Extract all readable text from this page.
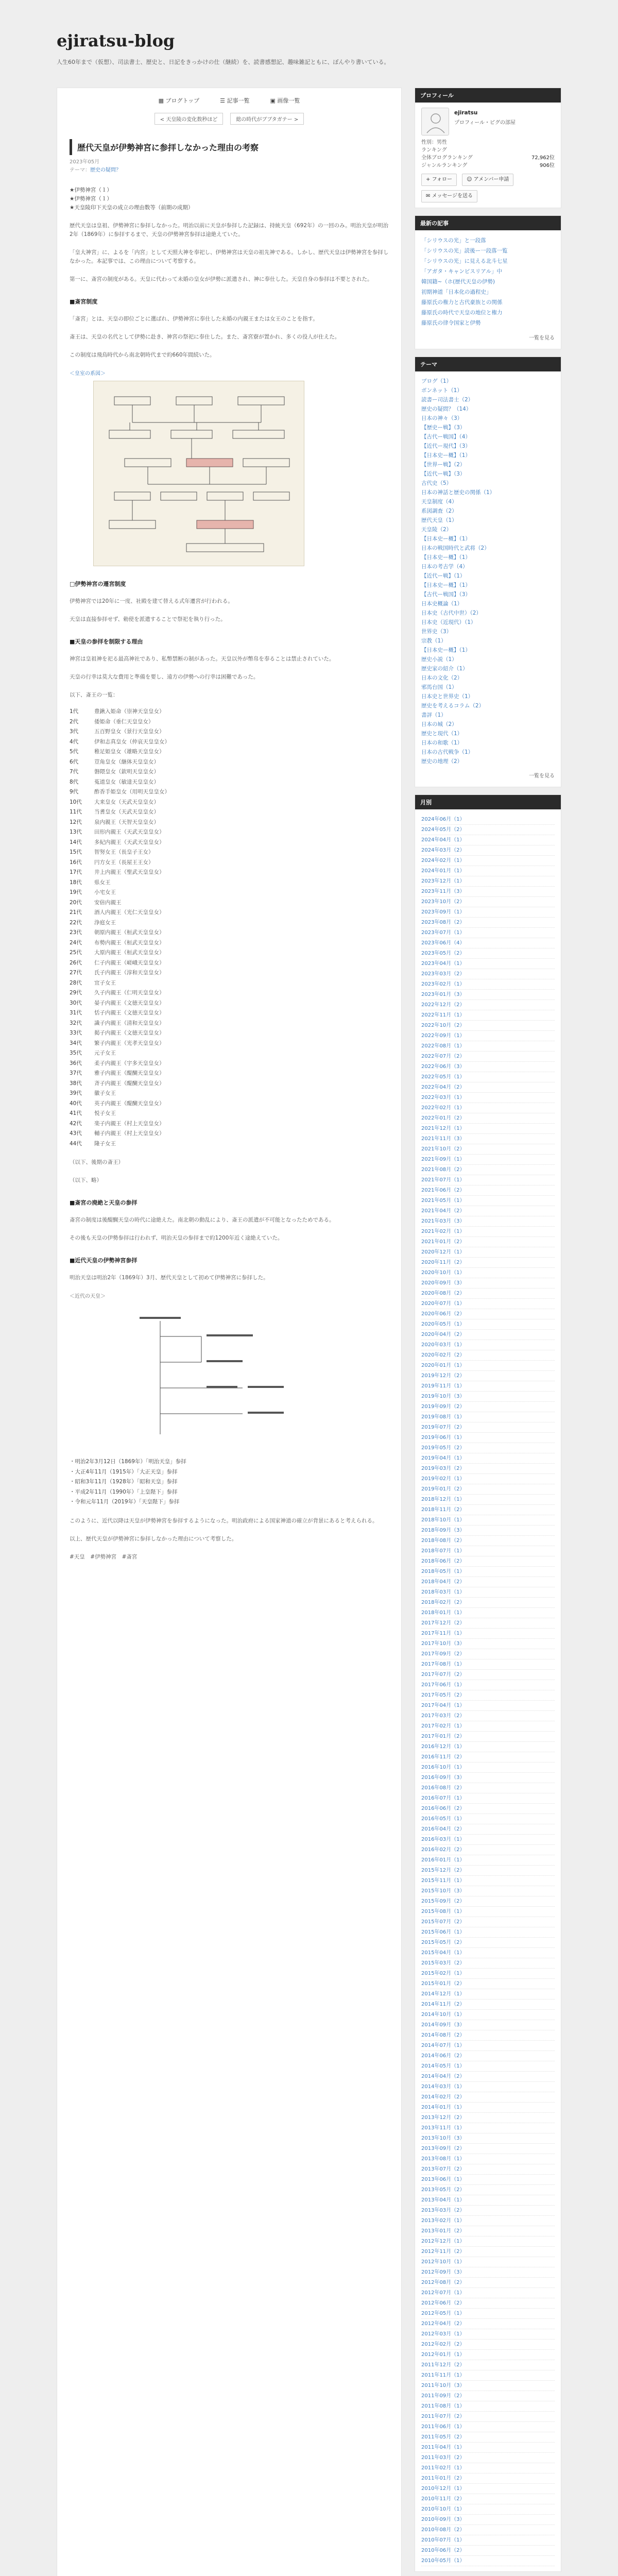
ejiratsu-blog
人生60年まで（仮想）、司法書士、歴史と、日記をきっかけの仕（継続）を、読書感想記、趣味雑記ともに、ぼんやり書いている。
▦ ブログトップ	☰ 記事一覧	▣ 画像一覧
< 天皇陵の変化数秒ほど	総の時代がブブタガテー >
歴代天皇が伊勢神宮に参拝しなかった理由の考察
2023年05月
テーマ：歴史の疑問？
★伊勢神宮（１）
★伊勢神宮（１）
★天皇陵印下天皇の成立の理由数等（前期の成期）
歴代天皇は皇祖、伊勢神宮に参拝しなかった。明治以前に天皇が参拝した記録は、持統天皇（692年）の一回のみ。明治天皇が明治2年（1869年）に参拝するまで、天皇の伊勢神宮参拝は途絶えていた。
「皇大神宮」に、よるを「内宮」として天照大神を奉祀し、伊勢神宮は天皇の祖先神である。しかし、歴代天皇は伊勢神宮を参拝しなかった。本記事では、この理由について考察する。
第一に、斎宮の制度がある。天皇に代わって未婚の皇女が伊勢に派遣され、神に奉仕した。天皇自身の参拝は不要とされた。
■斎宮制度
「斎宮」とは、天皇の即位ごとに選ばれ、伊勢神宮に奉仕した未婚の内親王または女王のことを指す。
斎王は、天皇の名代として伊勢に赴き、神宮の祭祀に奉仕した。また、斎宮寮が置かれ、多くの役人が仕えた。
この制度は飛鳥時代から南北朝時代まで約660年間続いた。
＜皇室の系図＞
□伊勢神宮の遷宮制度
伊勢神宮では20年に一度、社殿を建て替える式年遷宮が行われる。
天皇は直接参拝せず、勅使を派遣することで祭祀を執り行った。
■天皇の参拝を制限する理由
神宮は皇祖神を祀る最高神社であり、私幣禁断の制があった。天皇以外が幣帛を奉ることは禁止されていた。
天皇の行幸は莫大な費用と準備を要し、遠方の伊勢への行幸は困難であった。
以下、斎王の一覧：
1代	豊鍬入姫命（崇神天皇皇女）
2代	倭姫命（垂仁天皇皇女）
3代	五百野皇女（景行天皇皇女）
4代	伊和志真皇女（仲哀天皇皇女）
5代	稚足姫皇女（雄略天皇皇女）
6代	荳角皇女（継体天皇皇女）
7代	磐隈皇女（欽明天皇皇女）
8代	菟道皇女（敏達天皇皇女）
9代	酢香手姫皇女（用明天皇皇女）
10代	大来皇女（天武天皇皇女）
11代	当耆皇女（天武天皇皇女）
12代	泉内親王（天智天皇皇女）
13代	田形内親王（天武天皇皇女）
14代	多紀内親王（天武天皇皇女）
15代	智努女王（長皇子王女）
16代	円方女王（長屋王王女）
17代	井上内親王（聖武天皇皇女）
18代	県女王
19代	小宅女王
20代	安倍内親王
21代	酒人内親王（光仁天皇皇女）
22代	浄庭女王
23代	朝原内親王（桓武天皇皇女）
24代	布勢内親王（桓武天皇皇女）
25代	大原内親王（桓武天皇皇女）
26代	仁子内親王（嵯峨天皇皇女）
27代	氏子内親王（淳和天皇皇女）
28代	宜子女王
29代	久子内親王（仁明天皇皇女）
30代	晏子内親王（文徳天皇皇女）
31代	恬子内親王（文徳天皇皇女）
32代	識子内親王（清和天皇皇女）
33代	掲子内親王（文徳天皇皇女）
34代	繁子内親王（光孝天皇皇女）
35代	元子女王
36代	柔子内親王（宇多天皇皇女）
37代	雅子内親王（醍醐天皇皇女）
38代	斉子内親王（醍醐天皇皇女）
39代	徽子女王
40代	英子内親王（醍醐天皇皇女）
41代	悦子女王
42代	楽子内親王（村上天皇皇女）
43代	輔子内親王（村上天皇皇女）
44代	隆子女王
（以下、後期の斎王）
（以下、略）
■斎宮の廃絶と天皇の参拝
斎宮の制度は後醍醐天皇の時代に途絶えた。南北朝の動乱により、斎王の派遣が不可能となったためである。
その後も天皇の伊勢参拝は行われず、明治天皇の参拝まで約1200年近く途絶えていた。
■近代天皇の伊勢神宮参拝
明治天皇は明治2年（1869年）3月、歴代天皇として初めて伊勢神宮に参拝した。
＜近代の天皇＞
・明治2年3月12日（1869年）「明治天皇」参拝
・大正4年11月（1915年）「大正天皇」参拝
・昭和3年11月（1928年）「昭和天皇」参拝
・平成2年11月（1990年）「上皇陛下」参拝
・令和元年11月（2019年）「天皇陛下」参拝
このように、近代以降は天皇が伊勢神宮を参拝するようになった。明治政府による国家神道の確立が背景にあると考えられる。
以上、歴代天皇が伊勢神宮に参拝しなかった理由について考察した。
#天皇　#伊勢神宮　#斎宮
プロフィール
ejiratsu
プロフィール・ピグの部屋
性別：男性
ランキング
全体ブログランキング	72,962位
ジャンルランキング	906位
+ フォロー	☺ アメンバー申請
✉ メッセージを送る
最新の記事
「シリウスの光」と一段落
「シリウスの光」読後ー一段落一覧
「シリウスの光」に見える北斗七星
「アガタ・キャンビスリアル」中
韓国籍~（ホ(歴代天皇の伊勢)
初期神道「日本化の過程史」
藤原氏の権力と古代豪族との関係
藤原氏の時代で天皇の地位と権力
藤原氏の律令国家と伊勢
一覧を見る
テーマ
ブログ（1）
ボンネット（1）
読書ー司法書士（2）
歴史の疑問？（14）
日本の神々（3）
【歴史ー戦】（3）
【古代ー戦国】（4）
【近代ー現代】（3）
【日本史ー概】（1）
【世界ー戦】（2）
【近代ー戦】（3）
古代史（5）
日本の神話と歴史の関係（1）
天皇制度（4）
系図調査（2）
歴代天皇（1）
天皇陵（2）
【日本史ー概】（1）
日本の戦国時代と武将（2）
【日本史ー概】（1）
日本の考古学（4）
【近代ー戦】（1）
【日本史ー概】（1）
【古代ー戦国】（3）
日本史概論（1）
日本史（古代中世）（2）
日本史（近現代）（1）
世界史（3）
宗教（1）
【日本史ー概】（1）
歴史小説（1）
歴史家の紹介（1）
日本の文化（2）
邪馬台国（1）
日本史と世界史（1）
歴史を考えるコラム（2）
書評（1）
日本の城（2）
歴史と現代（1）
日本の和歌（1）
日本の古代戦争（1）
歴史の地理（2）
一覧を見る
月別
2024年06月（1）
2024年05月（2）
2024年04月（1）
2024年03月（2）
2024年02月（1）
2024年01月（1）
2023年12月（1）
2023年11月（3）
2023年10月（2）
2023年09月（1）
2023年08月（2）
2023年07月（1）
2023年06月（4）
2023年05月（2）
2023年04月（1）
2023年03月（2）
2023年02月（1）
2023年01月（3）
2022年12月（2）
2022年11月（1）
2022年10月（2）
2022年09月（1）
2022年08月（1）
2022年07月（2）
2022年06月（3）
2022年05月（1）
2022年04月（2）
2022年03月（1）
2022年02月（1）
2022年01月（2）
2021年12月（1）
2021年11月（3）
2021年10月（2）
2021年09月（1）
2021年08月（2）
2021年07月（1）
2021年06月（2）
2021年05月（1）
2021年04月（2）
2021年03月（3）
2021年02月（1）
2021年01月（2）
2020年12月（1）
2020年11月（2）
2020年10月（1）
2020年09月（3）
2020年08月（2）
2020年07月（1）
2020年06月（2）
2020年05月（1）
2020年04月（2）
2020年03月（1）
2020年02月（2）
2020年01月（1）
2019年12月（2）
2019年11月（1）
2019年10月（3）
2019年09月（2）
2019年08月（1）
2019年07月（2）
2019年06月（1）
2019年05月（2）
2019年04月（1）
2019年03月（2）
2019年02月（1）
2019年01月（2）
2018年12月（1）
2018年11月（2）
2018年10月（1）
2018年09月（3）
2018年08月（2）
2018年07月（1）
2018年06月（2）
2018年05月（1）
2018年04月（2）
2018年03月（1）
2018年02月（2）
2018年01月（1）
2017年12月（2）
2017年11月（1）
2017年10月（3）
2017年09月（2）
2017年08月（1）
2017年07月（2）
2017年06月（1）
2017年05月（2）
2017年04月（1）
2017年03月（2）
2017年02月（1）
2017年01月（2）
2016年12月（1）
2016年11月（2）
2016年10月（1）
2016年09月（3）
2016年08月（2）
2016年07月（1）
2016年06月（2）
2016年05月（1）
2016年04月（2）
2016年03月（1）
2016年02月（2）
2016年01月（1）
2015年12月（2）
2015年11月（1）
2015年10月（3）
2015年09月（2）
2015年08月（1）
2015年07月（2）
2015年06月（1）
2015年05月（2）
2015年04月（1）
2015年03月（2）
2015年02月（1）
2015年01月（2）
2014年12月（1）
2014年11月（2）
2014年10月（1）
2014年09月（3）
2014年08月（2）
2014年07月（1）
2014年06月（2）
2014年05月（1）
2014年04月（2）
2014年03月（1）
2014年02月（2）
2014年01月（1）
2013年12月（2）
2013年11月（1）
2013年10月（3）
2013年09月（2）
2013年08月（1）
2013年07月（2）
2013年06月（1）
2013年05月（2）
2013年04月（1）
2013年03月（2）
2013年02月（1）
2013年01月（2）
2012年12月（1）
2012年11月（2）
2012年10月（1）
2012年09月（3）
2012年08月（2）
2012年07月（1）
2012年06月（2）
2012年05月（1）
2012年04月（2）
2012年03月（1）
2012年02月（2）
2012年01月（1）
2011年12月（2）
2011年11月（1）
2011年10月（3）
2011年09月（2）
2011年08月（1）
2011年07月（2）
2011年06月（1）
2011年05月（2）
2011年04月（1）
2011年03月（2）
2011年02月（1）
2011年01月（2）
2010年12月（1）
2010年11月（2）
2010年10月（1）
2010年09月（3）
2010年08月（2）
2010年07月（1）
2010年06月（2）
2010年05月（1）
